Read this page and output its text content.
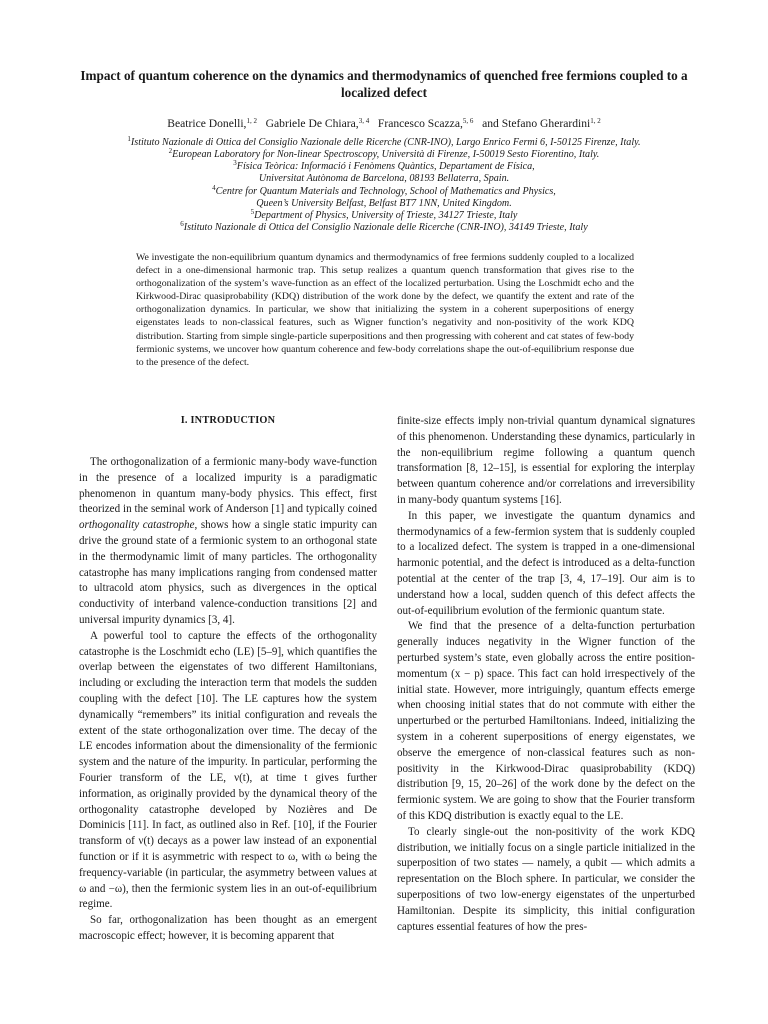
Impact of quantum coherence on the dynamics and thermodynamics of quenched free fermions coupled to a localized defect
Beatrice Donelli,$^{1, 2}$ Gabriele De Chiara,$^{3, 4}$ Francesco Scazza,$^{5, 6}$ and Stefano Gherardini$^{1, 2}$
$^1$Istituto Nazionale di Ottica del Consiglio Nazionale delle Ricerche (CNR-INO), Largo Enrico Fermi 6, I-50125 Firenze, Italy.
$^2$European Laboratory for Non-linear Spectroscopy, Università di Firenze, I-50019 Sesto Fiorentino, Italy.
$^3$Física Teòrica: Informació i Fenòmens Quàntics, Departament de Física,
Universitat Autònoma de Barcelona, 08193 Bellaterra, Spain.
$^4$Centre for Quantum Materials and Technology, School of Mathematics and Physics,
Queen’s University Belfast, Belfast BT7 1NN, United Kingdom.
$^5$Department of Physics, University of Trieste, 34127 Trieste, Italy
$^6$Istituto Nazionale di Ottica del Consiglio Nazionale delle Ricerche (CNR-INO), 34149 Trieste, Italy

We investigate the non-equilibrium quantum dynamics and thermodynamics of free fermions suddenly coupled to a localized defect in a one-dimensional harmonic trap. This setup realizes a quantum quench transformation that gives rise to the orthogonalization of the system’s wave-function as an effect of the localized perturbation. Using the Loschmidt echo and the Kirkwood-Dirac quasiprobability (KDQ) distribution of the work done by the defect, we quantify the extent and rate of the orthogonalization dynamics. In particular, we show that initializing the system in a coherent superpositions of energy eigenstates leads to non-classical features, such as Wigner function’s negativity and non-positivity of the work KDQ distribution. Starting from simple single-particle superpositions and then progressing with coherent and cat states of few-body fermionic systems, we uncover how quantum coherence and few-body correlations shape the out-of-equilibrium response due to the presence of the defect.

I. INTRODUCTION

The orthogonalization of a fermionic many-body wave-function in the presence of a localized impurity is a paradigmatic phenomenon in quantum many-body physics. This effect, first theorized in the seminal work of Anderson [1] and typically coined orthogonality catastrophe, shows how a single static impurity can drive the ground state of a fermionic system to an orthogonal state in the thermodynamic limit of many particles. The orthogonality catastrophe has many implications ranging from condensed matter to ultracold atom physics, such as divergences in the optical conductivity of interband valence-conduction transitions [2] and universal impurity dynamics [3, 4].

A powerful tool to capture the effects of the orthogonality catastrophe is the Loschmidt echo (LE) [5–9], which quantifies the overlap between the eigenstates of two different Hamiltonians, including or excluding the interaction term that models the sudden coupling with the defect [10]. The LE captures how the system dynamically “remembers” its initial configuration and reveals the extent of the state orthogonalization over time. The decay of the LE encodes information about the dimensionality of the fermionic system and the nature of the impurity. In particular, performing the Fourier transform of the LE, ν(t), at time t gives further information, as originally provided by the dynamical theory of the orthogonality catastrophe developed by Nozières and De Dominicis [11]. In fact, as outlined also in Ref. [10], if the Fourier transform of ν(t) decays as a power law instead of an exponential function or if it is asymmetric with respect to ω, with ω being the frequency-variable (in particular, the asymmetry between values at ω and −ω), then the fermionic system lies in an out-of-equilibrium regime.

So far, orthogonalization has been thought as an emergent macroscopic effect; however, it is becoming apparent that

finite-size effects imply non-trivial quantum dynamical signatures of this phenomenon. Understanding these dynamics, particularly in the non-equilibrium regime following a quantum quench transformation [8, 12–15], is essential for exploring the interplay between quantum coherence and/or correlations and irreversibility in many-body quantum systems [16].

In this paper, we investigate the quantum dynamics and thermodynamics of a few-fermion system that is suddenly coupled to a localized defect. The system is trapped in a one-dimensional harmonic potential, and the defect is introduced as a delta-function potential at the center of the trap [3, 4, 17–19]. Our aim is to understand how a local, sudden quench of this defect affects the out-of-equilibrium evolution of the fermionic quantum state.

We find that the presence of a delta-function perturbation generally induces negativity in the Wigner function of the perturbed system’s state, even globally across the entire position-momentum (x − p) space. This fact can hold irrespectively of the initial state. However, more intriguingly, quantum effects emerge when choosing initial states that do not commute with either the unperturbed or the perturbed Hamiltonians. Indeed, initializing the system in a coherent superpositions of energy eigenstates, we observe the emergence of non-classical features such as non-positivity in the Kirkwood-Dirac quasiprobability (KDQ) distribution [9, 15, 20–26] of the work done by the defect on the fermionic system. We are going to show that the Fourier transform of this KDQ distribution is exactly equal to the LE.

To clearly single-out the non-positivity of the work KDQ distribution, we initially focus on a single particle initialized in the superposition of two states — namely, a qubit — which admits a representation on the Bloch sphere. In particular, we consider the superpositions of two low-energy eigenstates of the unperturbed Hamiltonian. Despite its simplicity, this initial configuration captures essential features of how the pres-
